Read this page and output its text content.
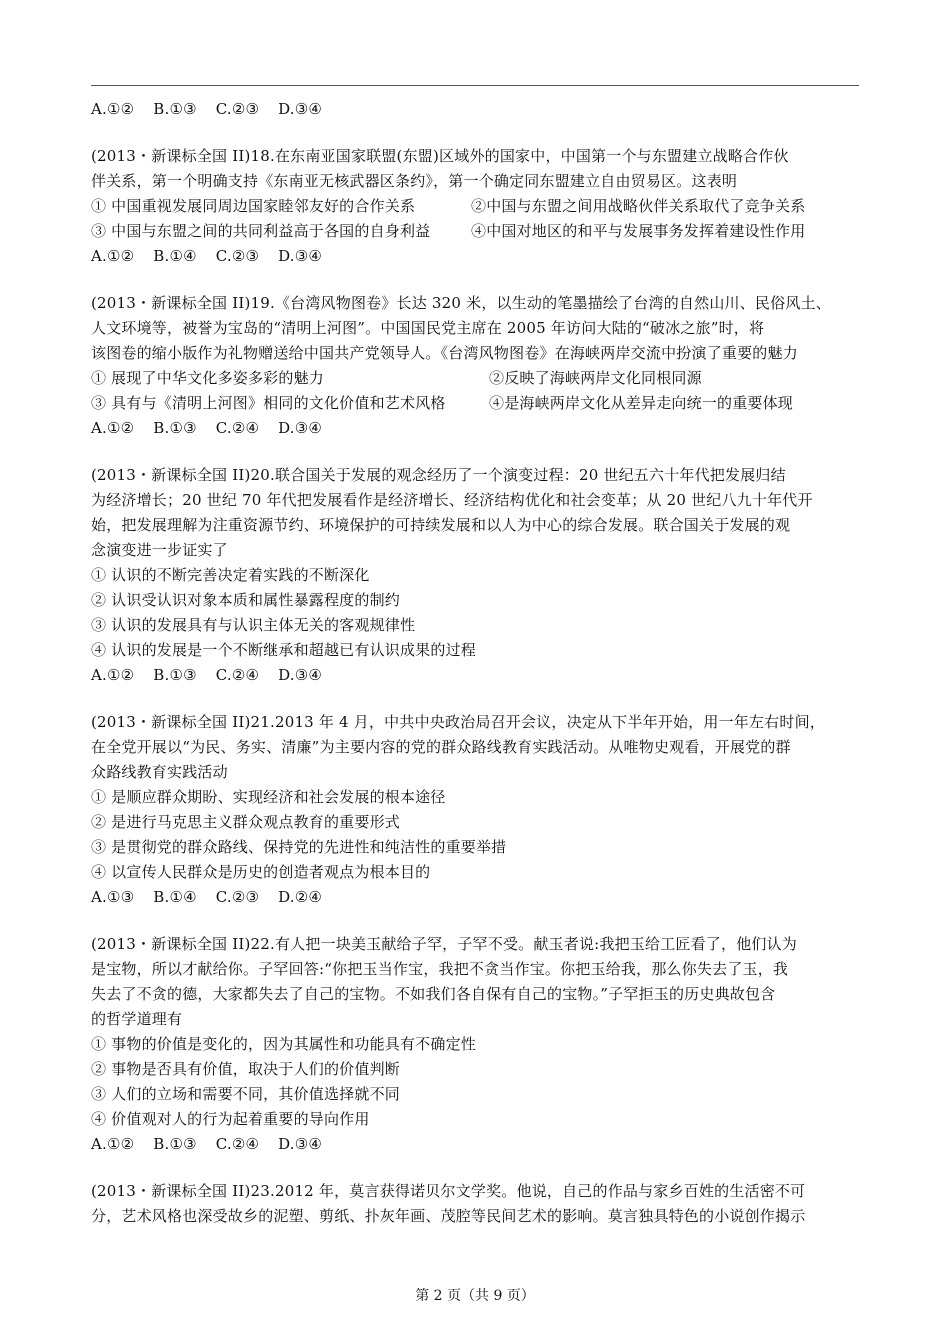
A.①② B.①③ C.②③ D.③④
(2013・新课标全国 II)18.在东南亚国家联盟(东盟)区域外的国家中，中国第一个与东盟建立战略合作伙
伴关系，第一个明确支持《东南亚无核武器区条约》，第一个确定同东盟建立自由贸易区。这表明
① 中国重视发展同周边国家睦邻友好的合作关系	②中国与东盟之间用战略伙伴关系取代了竞争关系
③ 中国与东盟之间的共同利益高于各国的自身利益	④中国对地区的和平与发展事务发挥着建设性作用
A.①② B.①④ C.②③ D.③④
(2013・新课标全国 II)19.《台湾风物图卷》长达 320 米，以生动的笔墨描绘了台湾的自然山川、民俗风土、
人文环境等，被誉为宝岛的“清明上河图”。中国国民党主席在 2005 年访问大陆的“破冰之旅”时，将
该图卷的缩小版作为礼物赠送给中国共产党领导人。《台湾风物图卷》在海峡两岸交流中扮演了重要的魅力
① 展现了中华文化多姿多彩的魅力	②反映了海峡两岸文化同根同源
③ 具有与《清明上河图》相同的文化价值和艺术风格	④是海峡两岸文化从差异走向统一的重要体现
A.①② B.①③ C.②④ D.③④
(2013・新课标全国 II)20.联合国关于发展的观念经历了一个演变过程：20 世纪五六十年代把发展归结
为经济增长；20 世纪 70 年代把发展看作是经济增长、经济结构优化和社会变革；从 20 世纪八九十年代开
始，把发展理解为注重资源节约、环境保护的可持续发展和以人为中心的综合发展。联合国关于发展的观
念演变进一步证实了
① 认识的不断完善决定着实践的不断深化
② 认识受认识对象本质和属性暴露程度的制约
③ 认识的发展具有与认识主体无关的客观规律性
④ 认识的发展是一个不断继承和超越已有认识成果的过程
A.①② B.①③ C.②④ D.③④
(2013・新课标全国 II)21.2013 年 4 月，中共中央政治局召开会议，决定从下半年开始，用一年左右时间，
在全党开展以“为民、务实、清廉”为主要内容的党的群众路线教育实践活动。从唯物史观看，开展党的群
众路线教育实践活动
① 是顺应群众期盼、实现经济和社会发展的根本途径
② 是进行马克思主义群众观点教育的重要形式
③ 是贯彻党的群众路线、保持党的先进性和纯洁性的重要举措
④ 以宣传人民群众是历史的创造者观点为根本目的
A.①③ B.①④ C.②③ D.②④
(2013・新课标全国 II)22.有人把一块美玉献给子罕，子罕不受。献玉者说:我把玉给工匠看了，他们认为
是宝物，所以才献给你。子罕回答:“你把玉当作宝，我把不贪当作宝。你把玉给我，那么你失去了玉，我
失去了不贪的德，大家都失去了自己的宝物。不如我们各自保有自己的宝物。”子罕拒玉的历史典故包含
的哲学道理有
① 事物的价值是变化的，因为其属性和功能具有不确定性
② 事物是否具有价值，取决于人们的价值判断
③ 人们的立场和需要不同，其价值选择就不同
④ 价值观对人的行为起着重要的导向作用
A.①② B.①③ C.②④ D.③④
(2013・新课标全国 II)23.2012 年，莫言获得诺贝尔文学奖。他说，自己的作品与家乡百姓的生活密不可
分，艺术风格也深受故乡的泥塑、剪纸、扑灰年画、茂腔等民间艺术的影响。莫言独具特色的小说创作揭示
第 2 页（共 9 页）
